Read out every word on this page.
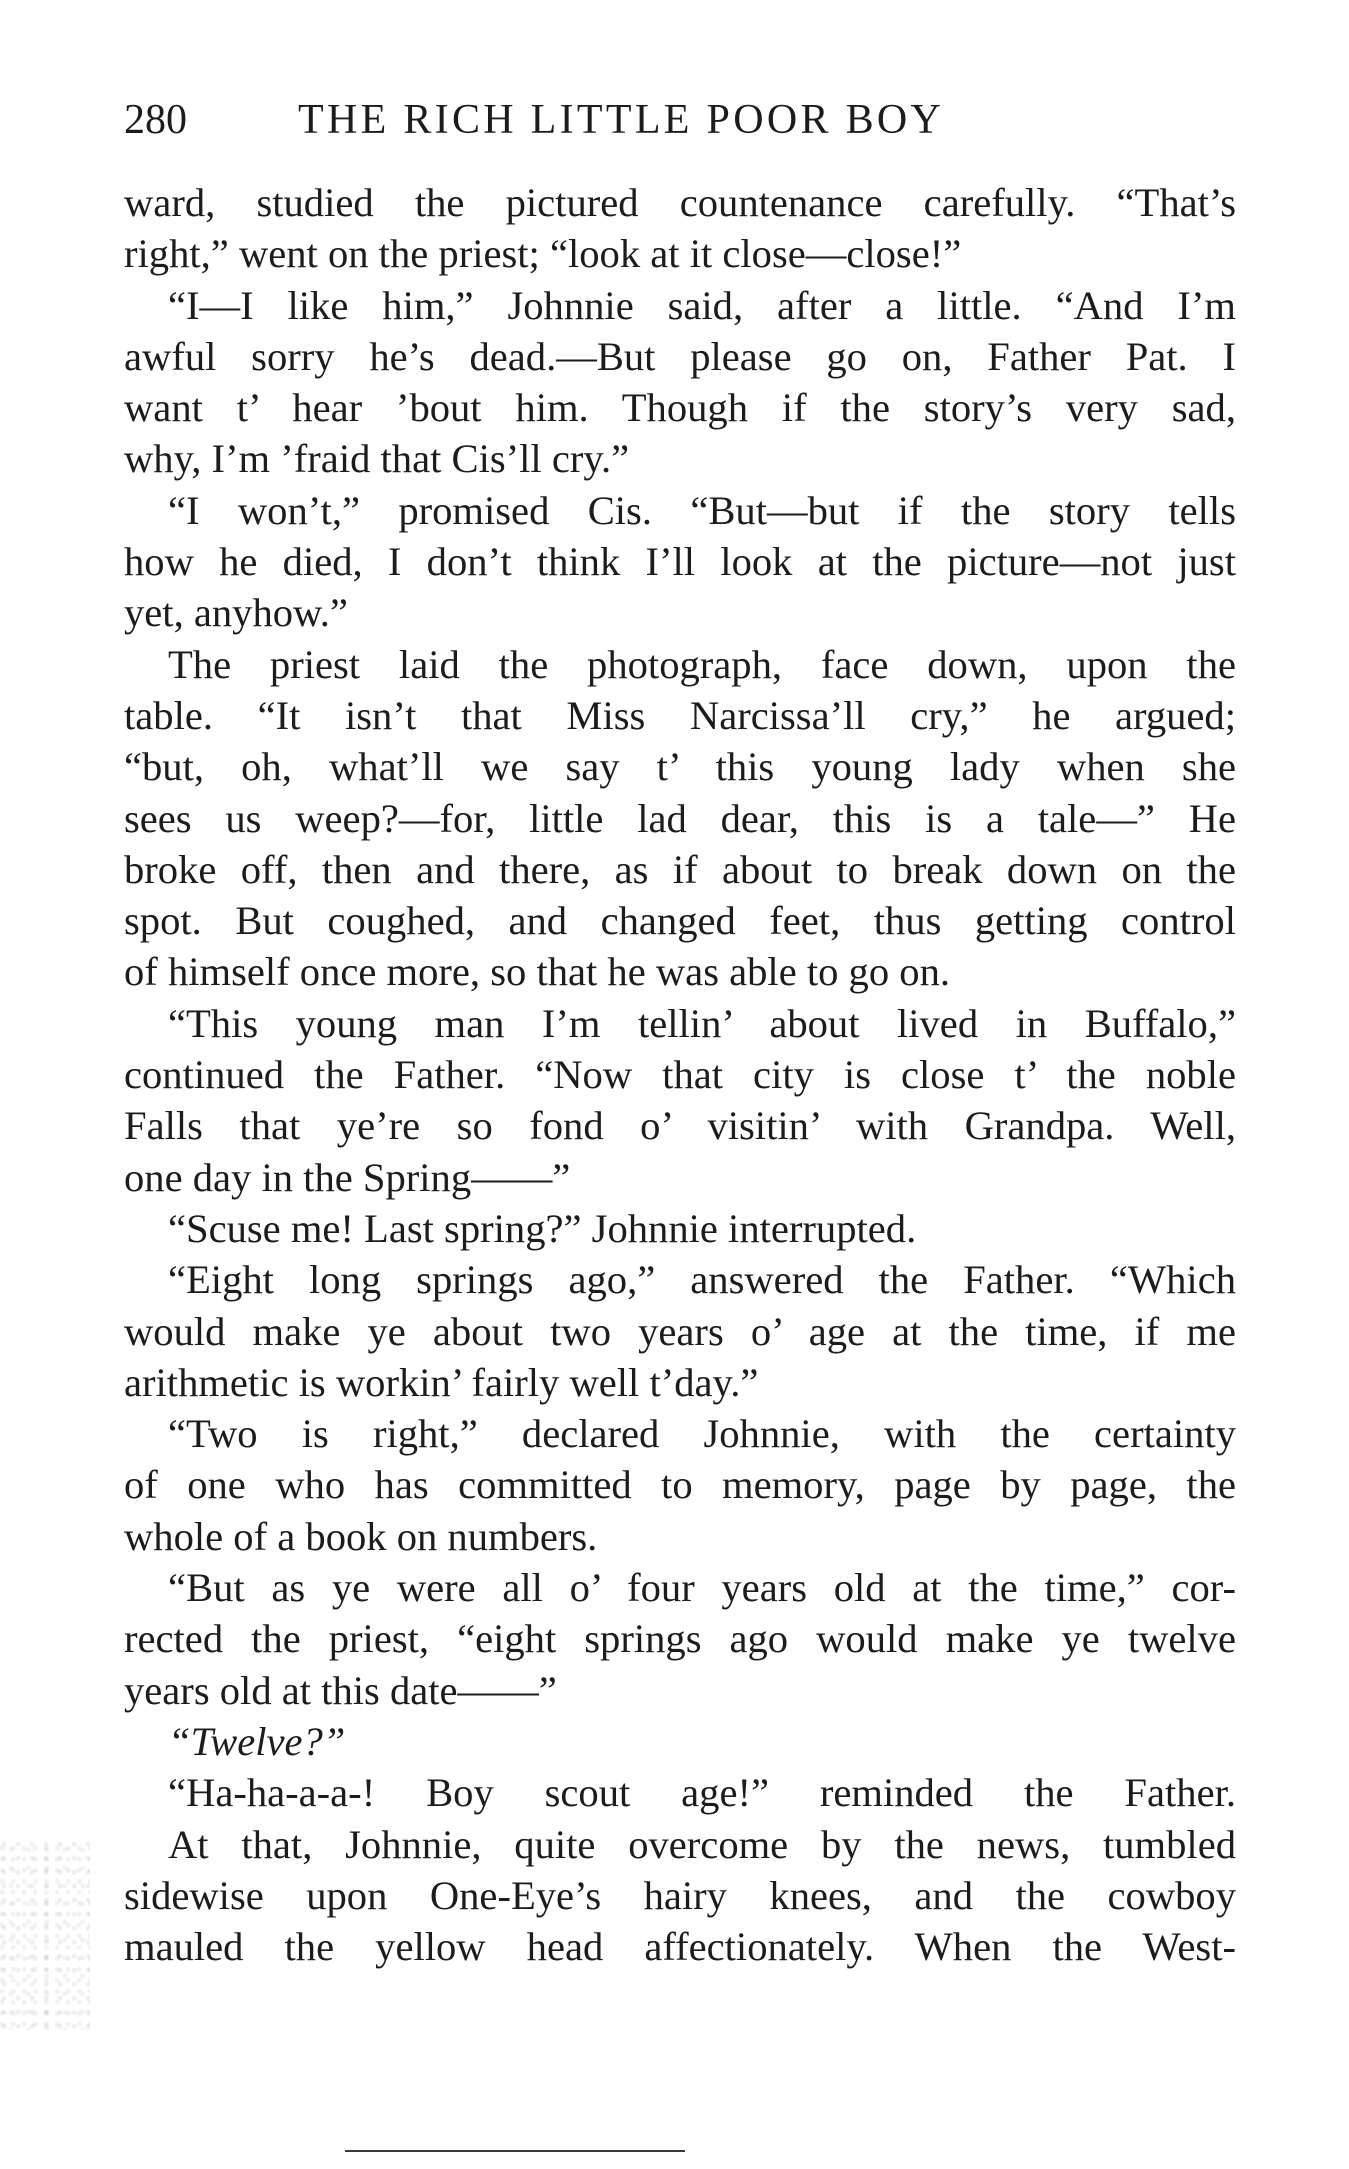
280	THE RICH LITTLE POOR BOY
ward, studied the pictured countenance carefully. “That’s
right,” went on the priest; “look at it close—close!”
“I—I like him,” Johnnie said, after a little. “And I’m
awful sorry he’s dead.—But please go on, Father Pat. I
want t’ hear ’bout him. Though if the story’s very sad,
why, I’m ’fraid that Cis’ll cry.”
“I won’t,” promised Cis. “But—but if the story tells
how he died, I don’t think I’ll look at the picture—not just
yet, anyhow.”
The priest laid the photograph, face down, upon the
table. “It isn’t that Miss Narcissa’ll cry,” he argued;
“but, oh, what’ll we say t’ this young lady when she
sees us weep?—for, little lad dear, this is a tale—” He
broke off, then and there, as if about to break down on the
spot. But coughed, and changed feet, thus getting control
of himself once more, so that he was able to go on.
“This young man I’m tellin’ about lived in Buffalo,”
continued the Father. “Now that city is close t’ the noble
Falls that ye’re so fond o’ visitin’ with Grandpa. Well,
one day in the Spring——”
“Scuse me! Last spring?” Johnnie interrupted.
“Eight long springs ago,” answered the Father. “Which
would make ye about two years o’ age at the time, if me
arithmetic is workin’ fairly well t’day.”
“Two is right,” declared Johnnie, with the certainty
of one who has committed to memory, page by page, the
whole of a book on numbers.
“But as ye were all o’ four years old at the time,” cor-
rected the priest, “eight springs ago would make ye twelve
years old at this date——”
“Twelve?”
“Ha-ha-a-a-! Boy scout age!” reminded the Father.
At that, Johnnie, quite overcome by the news, tumbled
sidewise upon One-Eye’s hairy knees, and the cowboy
mauled the yellow head affectionately. When the West-
